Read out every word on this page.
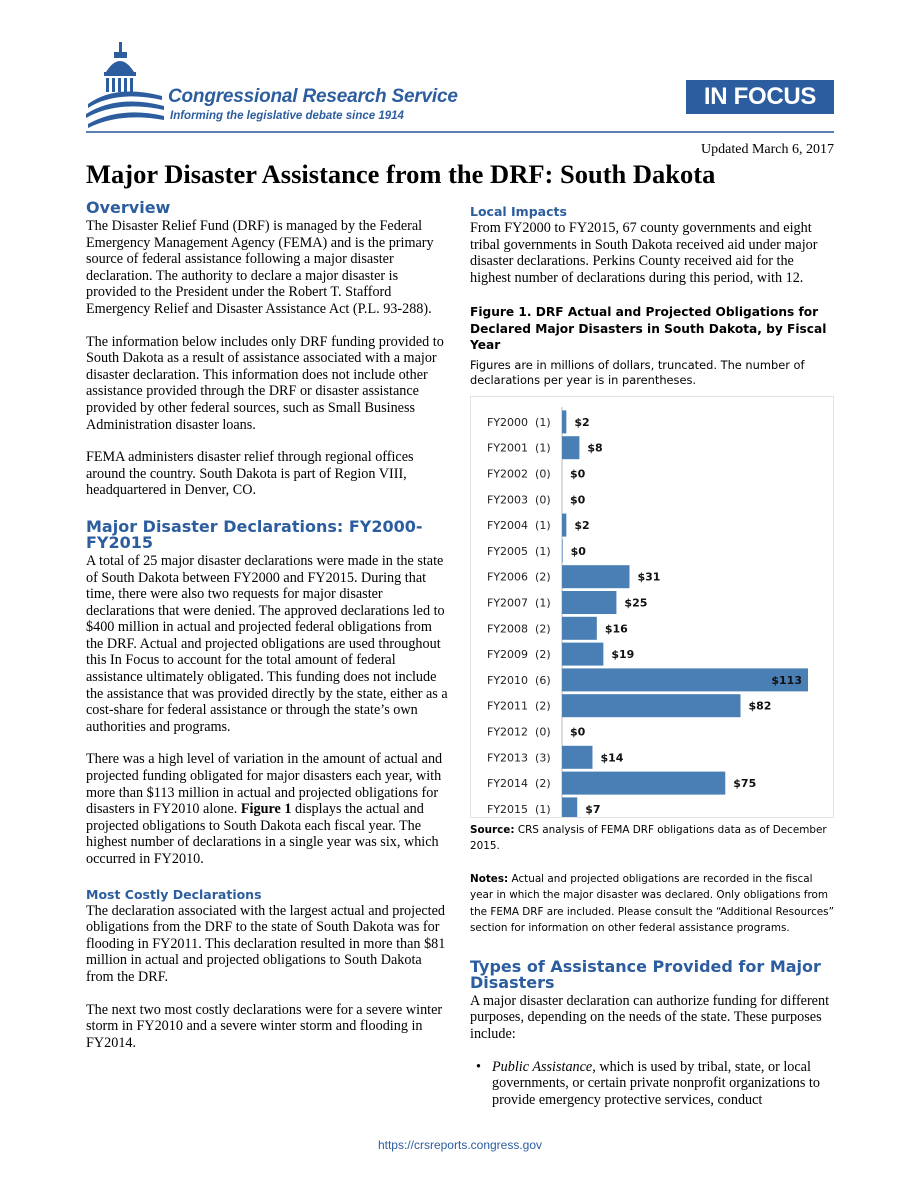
Congressional Research Service
Informing the legislative debate since 1914
IN FOCUS
Updated March 6, 2017
Major Disaster Assistance from the DRF: South Dakota
Overview

The Disaster Relief Fund (DRF) is managed by the Federal Emergency Management Agency (FEMA) and is the primary source of federal assistance following a major disaster declaration. The authority to declare a major disaster is provided to the President under the Robert T. Stafford Emergency Relief and Disaster Assistance Act (P.L. 93-288).

The information below includes only DRF funding provided to South Dakota as a result of assistance associated with a major disaster declaration. This information does not include other assistance provided through the DRF or disaster assistance provided by other federal sources, such as Small Business Administration disaster loans.

FEMA administers disaster relief through regional offices around the country. South Dakota is part of Region VIII, headquartered in Denver, CO.

Major Disaster Declarations: FY2000-FY2015

A total of 25 major disaster declarations were made in the state of South Dakota between FY2000 and FY2015. During that time, there were also two requests for major disaster declarations that were denied. The approved declarations led to $400 million in actual and projected federal obligations from the DRF. Actual and projected obligations are used throughout this In Focus to account for the total amount of federal assistance ultimately obligated. This funding does not include the assistance that was provided directly by the state, either as a cost-share for federal assistance or through the state’s own authorities and programs.

There was a high level of variation in the amount of actual and projected funding obligated for major disasters each year, with more than $113 million in actual and projected obligations for disasters in FY2010 alone. Figure 1 displays the actual and projected obligations to South Dakota each fiscal year. The highest number of declarations in a single year was six, which occurred in FY2010.

Most Costly Declarations

The declaration associated with the largest actual and projected obligations from the DRF to the state of South Dakota was for flooding in FY2011. This declaration resulted in more than $81 million in actual and projected obligations to South Dakota from the DRF.

The next two most costly declarations were for a severe winter storm in FY2010 and a severe winter storm and flooding in FY2014.

Local Impacts

From FY2000 to FY2015, 67 county governments and eight tribal governments in South Dakota received aid under major disaster declarations. Perkins County received aid for the highest number of declarations during this period, with 12.

Figure 1. DRF Actual and Projected Obligations for Declared Major Disasters in South Dakota, by Fiscal Year
Figures are in millions of dollars, truncated. The number of declarations per year is in parentheses.
FY2000  (1) $2
FY2001  (1)	$8
FY2002  (0) $0
FY2003  (0) $0
FY2004  (1) $2
FY2005  (1) $0
FY2006  (2)	$31
FY2007  (1)	$25
FY2008  (2)	$16
FY2009  (2)	$19
FY2010  (6)	$113
FY2011  (2)	$82
FY2012  (0) $0
FY2013  (3)	$14
FY2014  (2)	$75
FY2015  (1)	$7

Source: CRS analysis of FEMA DRF obligations data as of December 2015.

Notes: Actual and projected obligations are recorded in the fiscal year in which the major disaster was declared. Only obligations from the FEMA DRF are included. Please consult the “Additional Resources” section for information on other federal assistance programs.

Types of Assistance Provided for Major Disasters

A major disaster declaration can authorize funding for different purposes, depending on the needs of the state. These purposes include:

• Public Assistance, which is used by tribal, state, or local governments, or certain private nonprofit organizations to provide emergency protective services, conduct

https://crsreports.congress.gov
